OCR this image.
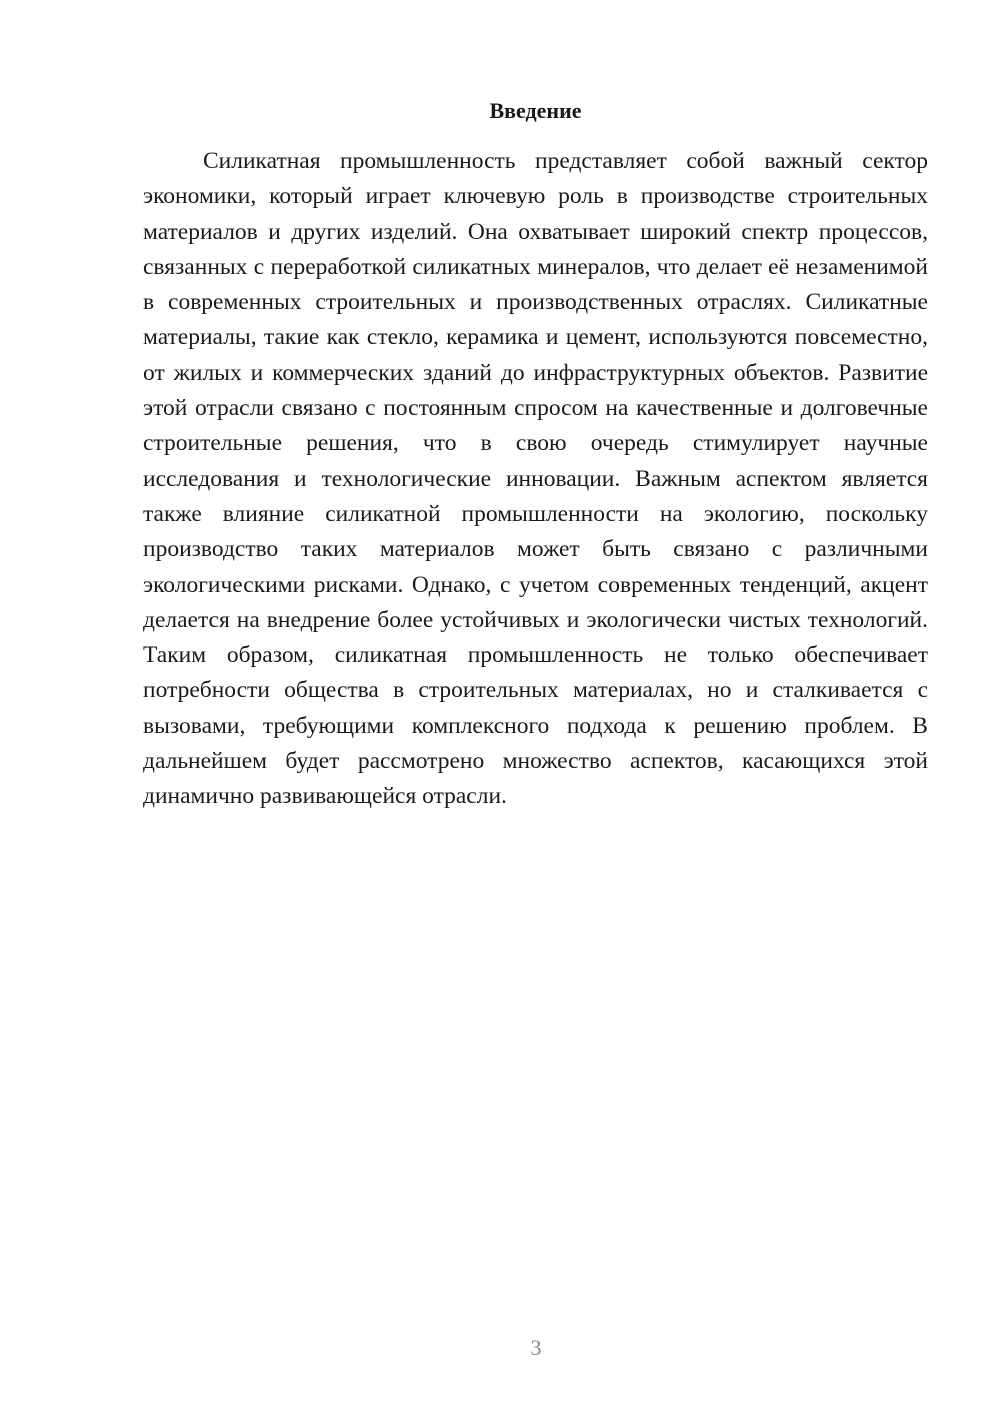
Введение

Силикатная промышленность представляет собой важный сектор экономики, который играет ключевую роль в производстве строительных материалов и других изделий. Она охватывает широкий спектр процессов, связанных с переработкой силикатных минералов, что делает её незаменимой в современных строительных и производственных отраслях. Силикатные материалы, такие как стекло, керамика и цемент, используются повсеместно, от жилых и коммерческих зданий до инфраструктурных объектов. Развитие этой отрасли связано с постоянным спросом на качественные и долговечные строительные решения, что в свою очередь стимулирует научные исследования и технологические инновации. Важным аспектом является также влияние силикатной промышленности на экологию, поскольку производство таких материалов может быть связано с различными экологическими рисками. Однако, с учетом современных тенденций, акцент делается на внедрение более устойчивых и экологически чистых технологий. Таким образом, силикатная промышленность не только обеспечивает потребности общества в строительных материалах, но и сталкивается с вызовами, требующими комплексного подхода к решению проблем. В дальнейшем будет рассмотрено множество аспектов, касающихся этой динамично развивающейся отрасли.

3
